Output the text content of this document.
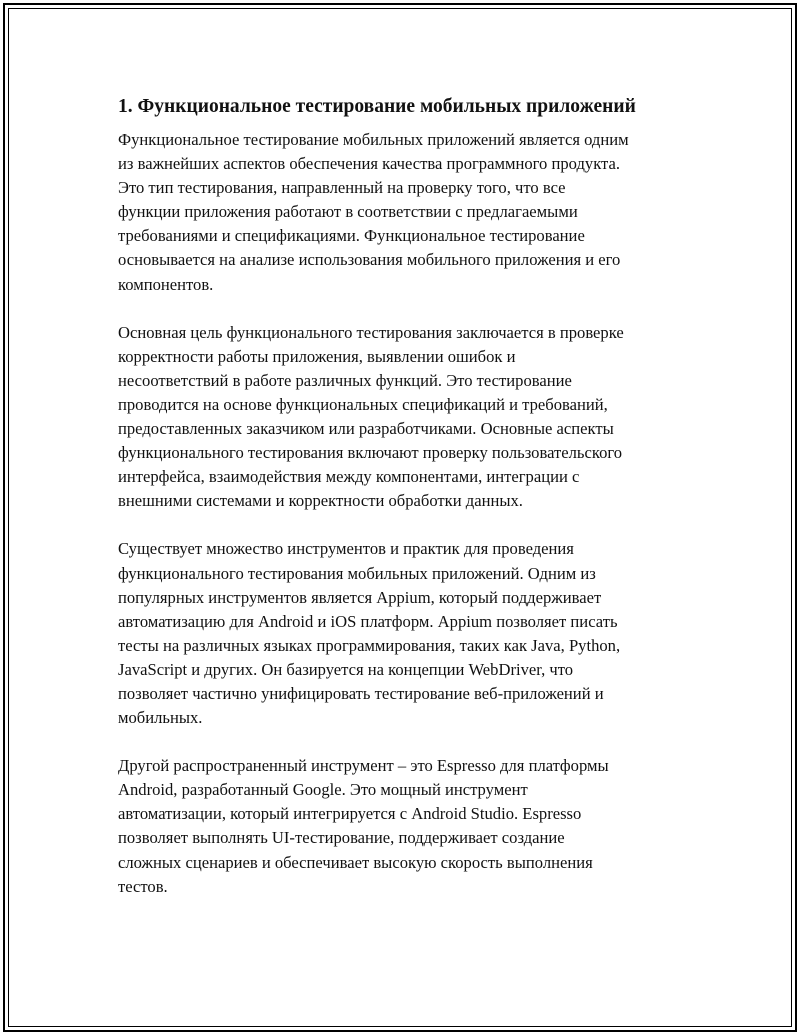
1. Функциональное тестирование мобильных приложений

Функциональное тестирование мобильных приложений является одним
из важнейших аспектов обеспечения качества программного продукта.
Это тип тестирования, направленный на проверку того, что все
функции приложения работают в соответствии с предлагаемыми
требованиями и спецификациями. Функциональное тестирование
основывается на анализе использования мобильного приложения и его
компонентов.

Основная цель функционального тестирования заключается в проверке
корректности работы приложения, выявлении ошибок и
несоответствий в работе различных функций. Это тестирование
проводится на основе функциональных спецификаций и требований,
предоставленных заказчиком или разработчиками. Основные аспекты
функционального тестирования включают проверку пользовательского
интерфейса, взаимодействия между компонентами, интеграции с
внешними системами и корректности обработки данных.

Существует множество инструментов и практик для проведения
функционального тестирования мобильных приложений. Одним из
популярных инструментов является Appium, который поддерживает
автоматизацию для Android и iOS платформ. Appium позволяет писать
тесты на различных языках программирования, таких как Java, Python,
JavaScript и других. Он базируется на концепции WebDriver, что
позволяет частично унифицировать тестирование веб-приложений и
мобильных.

Другой распространенный инструмент – это Espresso для платформы
Android, разработанный Google. Это мощный инструмент
автоматизации, который интегрируется с Android Studio. Espresso
позволяет выполнять UI-тестирование, поддерживает создание
сложных сценариев и обеспечивает высокую скорость выполнения
тестов.
